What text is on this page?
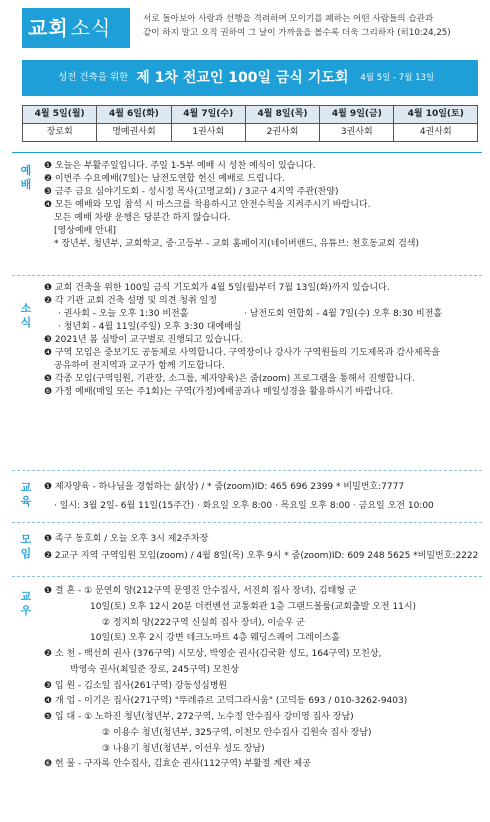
교회 소식	서로 돌아보아 사랑과 선행을 격려하며 모이기를 폐하는 어떤 사람들의 습관과
같이 하지 말고 오직 권하여 그 날이 가까움을 볼수록 더욱 그리하자 (히10:24,25)
성전 건축을 위한 제 1차 전교인 100일 금식 기도회 4월 5일 - 7월 13일
4월 5일(월)	4월 6일(화)	4월 7일(수)	4월 8일(목)	4월 9일(금)	4월 10일(토)
장로회	명예권사회	1권사회	2권사회	3권사회	4권사회
예
배
❶ 오늘은 부활주일입니다. 주일 1-5부 예배 시 성찬 예식이 있습니다.
❷ 이번주 수요예배(7일)는 남전도연합 헌신 예배로 드립니다.
❸ 금주 금요 심야기도회 - 성시정 목사(고명교회) / 3교구 4지역 주관(찬양)
❹ 모든 예배와 모임 참석 시 마스크를 착용하시고 안전수칙을 지켜주시기 바랍니다.
모든 예배 차량 운행은 당분간 하지 않습니다.
[영상예배 안내]
* 장년부, 청년부, 교회학교, 중·고등부 - 교회 홈페이지(네이버밴드, 유튜브: 천호동교회 검색)
소
식
❶ 교회 건축을 위한 100일 금식 기도회가 4월 5일(월)부터 7월 13일(화)까지 있습니다.
❷ 각 기관 교회 건축 설명 및 의견 청취 일정
· 권사회 - 오늘 오후 1:30 비전홀	· 남전도회 연합회 - 4월 7일(수) 오후 8:30 비전홀
· 청년회 - 4월 11일(주일) 오후 3:30 대예배실
❸ 2021년 봄 심방이 교구별로 진행되고 있습니다.
❹ 구역 모임은 중보기도 공동체로 사역합니다. 구역장이나 강사가 구역원들의 기도제목과 감사제목을
공유하여 전지역과 교구가 함께 기도합니다.
❺ 각종 모임(구역임원, 기관장, 소그룹, 제자양육)은 줌(zoom) 프로그램을 통해서 진행합니다.
❻ 가정 예배(매일 또는 주1회)는 구역(가정)예배공과나 매일성경을 활용하시기 바랍니다.
교
육
❶ 제자양육 - 하나님을 경험하는 삶(상) / * 줌(zoom)ID: 465 696 2399 * 비밀번호:7777
· 일시: 3월 2일- 6월 11일(15주간) · 화요일 오후 8:00 · 목요일 오후 8:00 · 금요일 오전 10:00
모
임
❶ 족구 동호회 / 오늘 오후 3시 제2주차장
❷ 2교구 지역 구역임원 모임(zoom) / 4월 8일(목) 오후 9시 * 줌(zoom)ID: 609 248 5625 *비밀번호:2222
교
우
❶ 결 혼 - ① 문연희 양(212구역 문영진 안수집사, 서진희 집사 장녀), 김태형 군
10일(토) 오후 12시 20분 더컨벤션 교통회관 1층 그랜드볼룸(교회출발 오전 11시)
② 정지희 양(222구역 신실희 집사 장녀), 이승우 군
10일(토) 오후 2시 강변 테크노마트 4층 웨딩스퀘어 그레이스홀
❷ 소 천 - 백선희 권사 (376구역) 시모상, 박영순 권사(김국환 성도, 164구역) 모친상,
박영숙 권사(최일준 장로, 245구역) 모친상
❸ 입 원 - 김소일 집사(261구역) 강동성심병원
❹ 개 업 - 이기은 집사(271구역) "뚜레쥬르 고덕그라시움" (고덕동 693 / 010-3262-9403)
❺ 입 대 - ① 노하진 청년(청년부, 272구역, 노수정 안수집사 강미영 집사 장남)
② 이용수 청년(청년부, 325구역, 이천모 안수집사 김원숙 집사 장남)
③ 나용기 청년(청년부, 이선우 성도 장남)
❻ 헌 물 - 구자록 안수집사, 김효순 권사(112구역) 부활절 계란 제공
